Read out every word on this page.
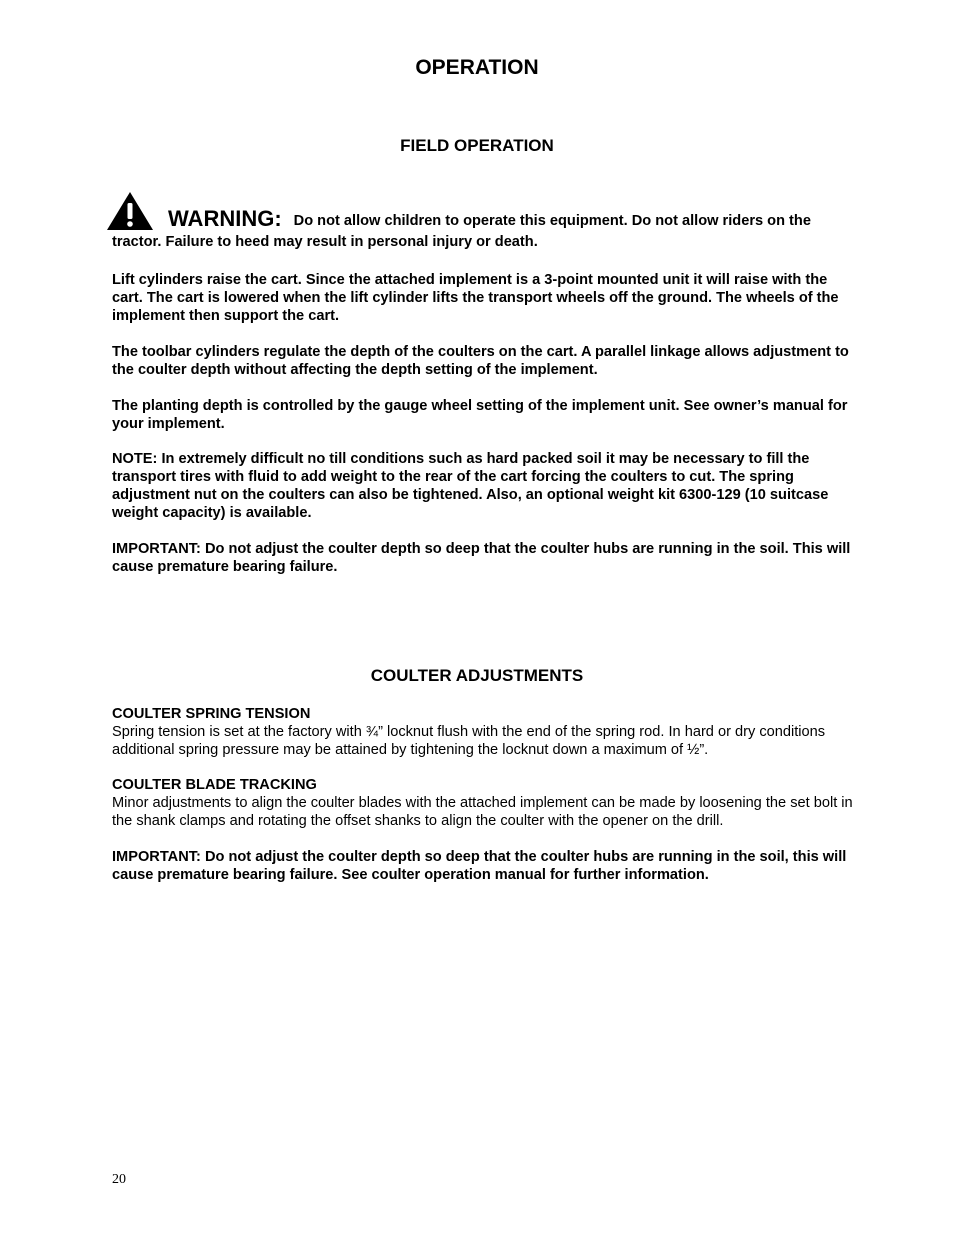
OPERATION
FIELD OPERATION
WARNING: Do not allow children to operate this equipment. Do not allow riders on the
tractor. Failure to heed may result in personal injury or death.

Lift cylinders raise the cart. Since the attached implement is a 3-point mounted unit it will raise with the cart. The cart is lowered when the lift cylinder lifts the transport wheels off the ground. The wheels of the implement then support the cart.

The toolbar cylinders regulate the depth of the coulters on the cart. A parallel linkage allows adjustment to the coulter depth without affecting the depth setting of the implement.

The planting depth is controlled by the gauge wheel setting of the implement unit. See owner’s manual for your implement.

NOTE: In extremely difficult no till conditions such as hard packed soil it may be necessary to fill the transport tires with fluid to add weight to the rear of the cart forcing the coulters to cut. The spring adjustment nut on the coulters can also be tightened. Also, an optional weight kit 6300-129 (10 suitcase weight capacity) is available.

IMPORTANT: Do not adjust the coulter depth so deep that the coulter hubs are running in the soil. This will cause premature bearing failure.

COULTER ADJUSTMENTS
COULTER SPRING TENSION
Spring tension is set at the factory with ¾” locknut flush with the end of the spring rod. In hard or dry conditions additional spring pressure may be attained by tightening the locknut down a maximum of ½”.
COULTER BLADE TRACKING
Minor adjustments to align the coulter blades with the attached implement can be made by loosening the set bolt in the shank clamps and rotating the offset shanks to align the coulter with the opener on the drill.

IMPORTANT: Do not adjust the coulter depth so deep that the coulter hubs are running in the soil, this will cause premature bearing failure. See coulter operation manual for further information.

20
